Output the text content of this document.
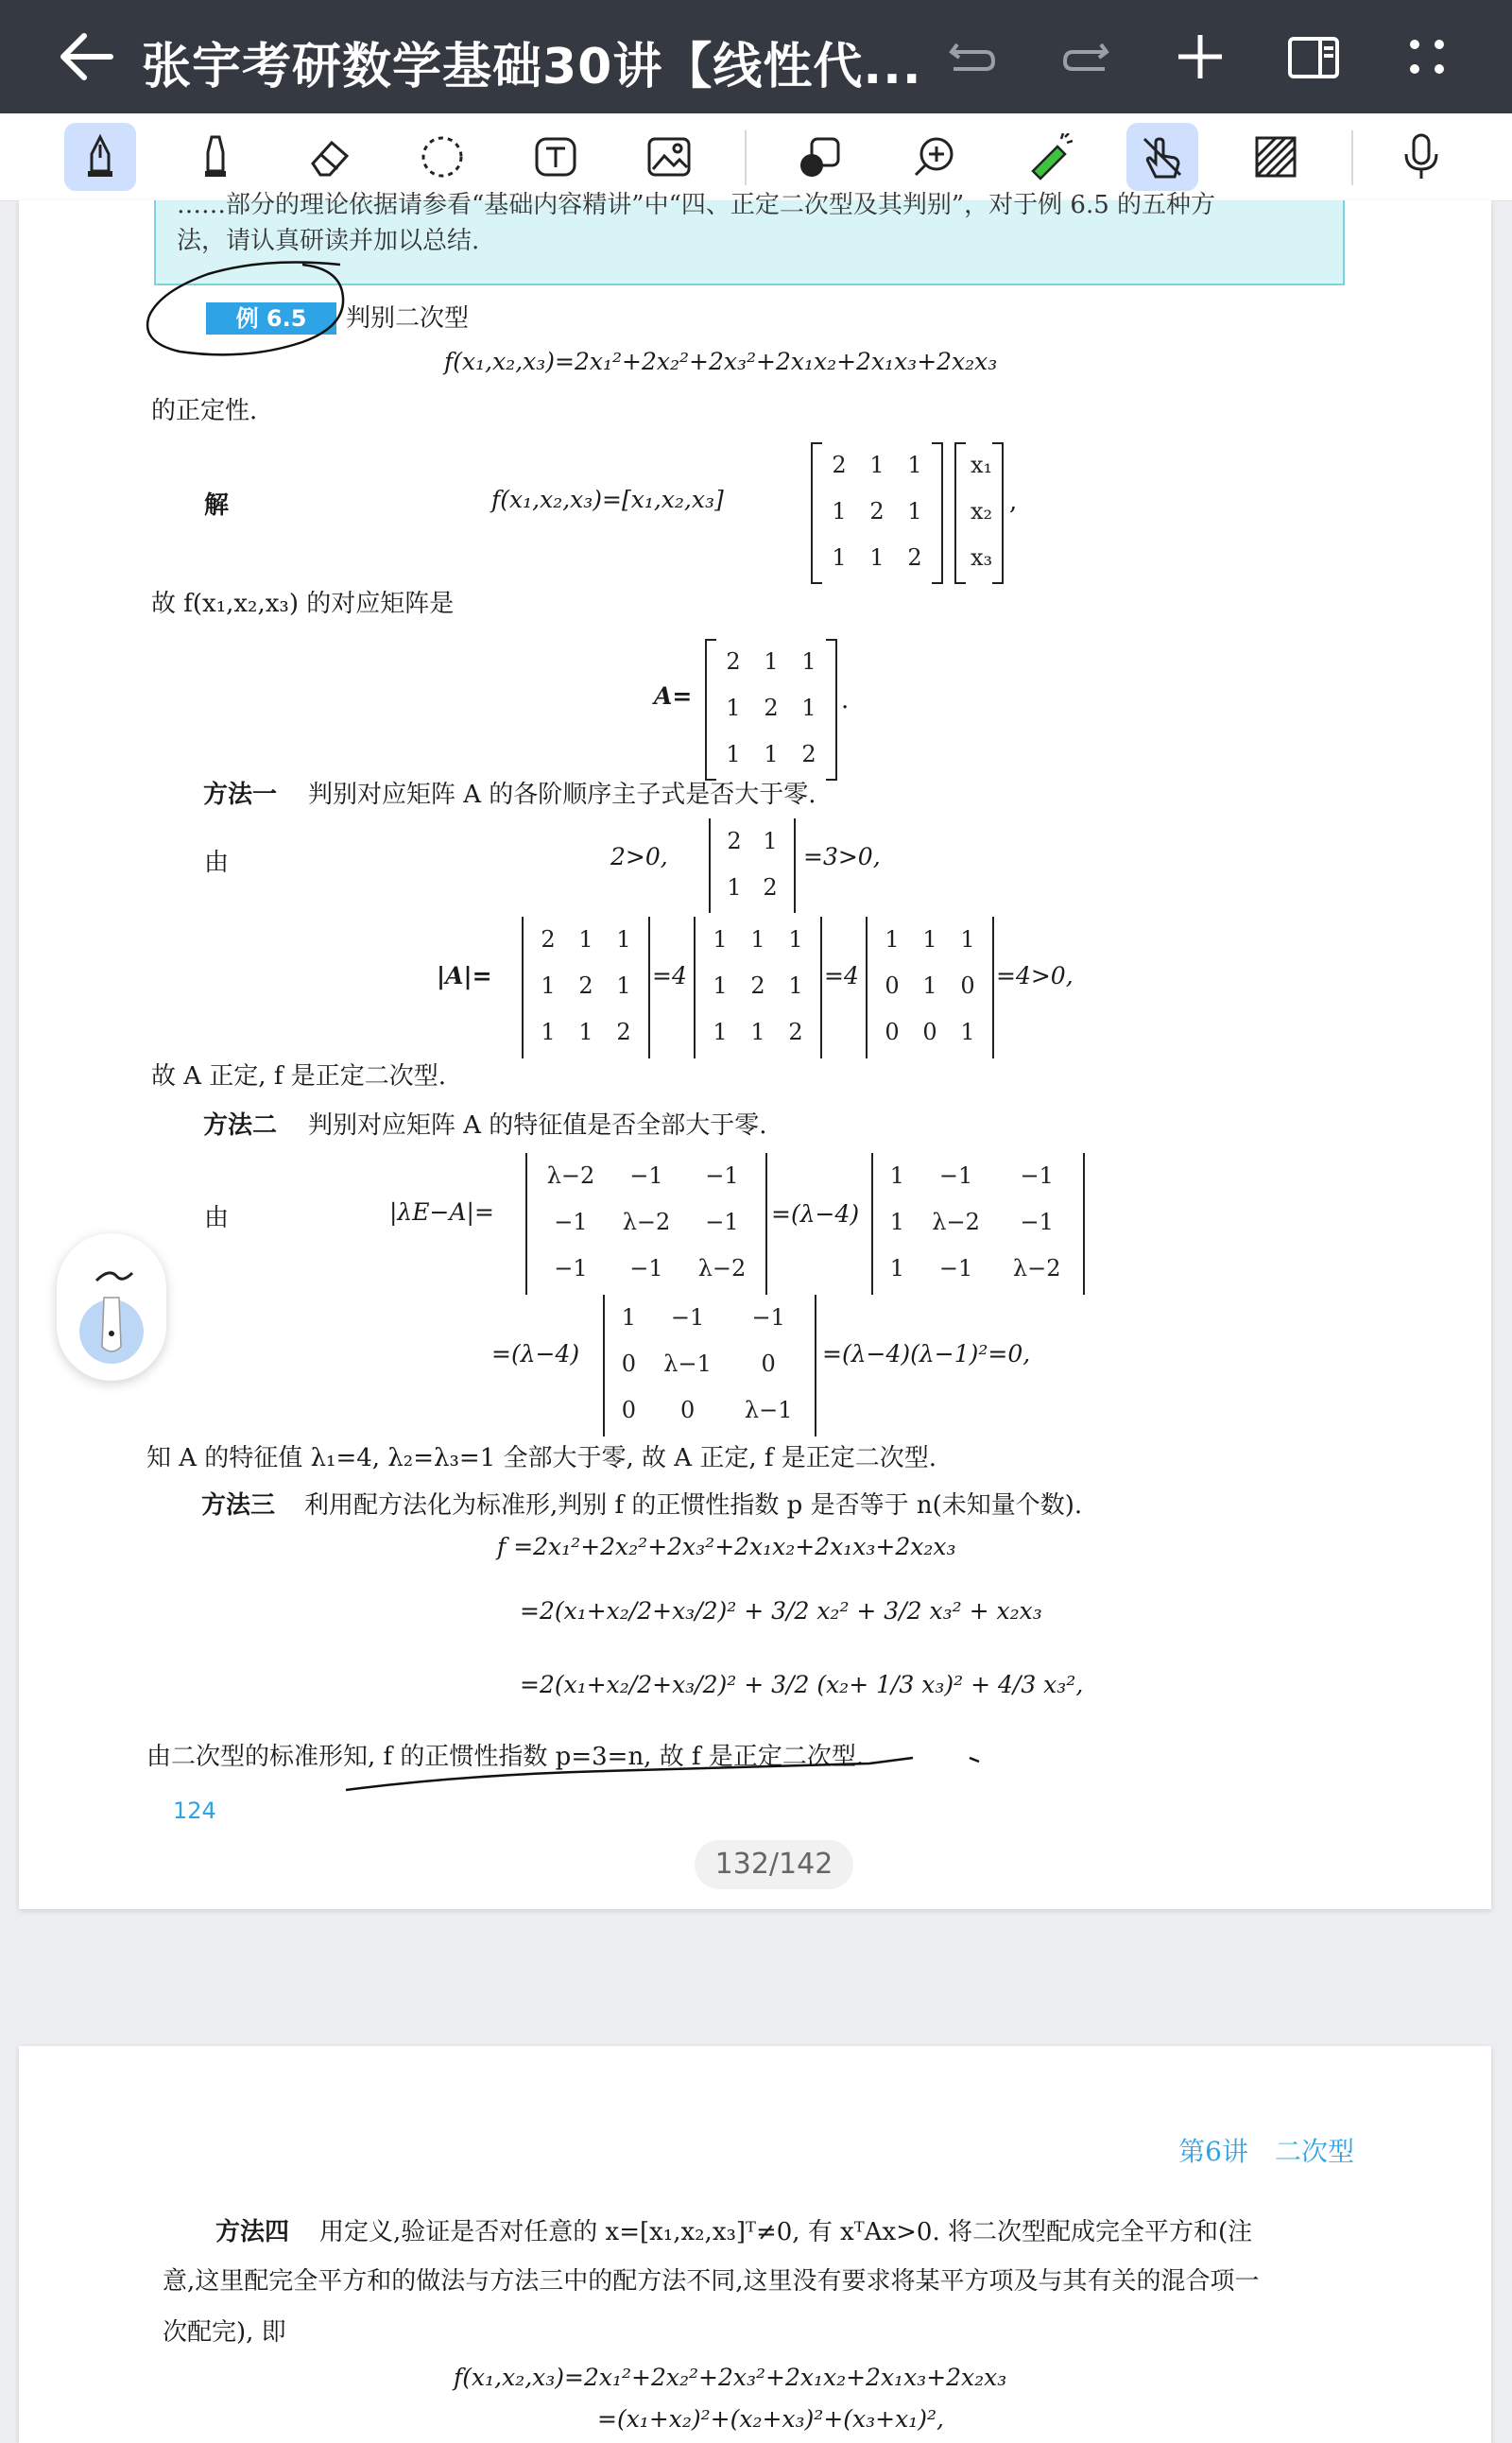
张宇考研数学基础30讲【线性代...
……部分的理论依据请参看“基础内容精讲”中“四、正定二次型及其判别”，对于例 6.5 的五种方
法，请认真研读并加以总结.
例 6.5	判别二次型
f(x₁,x₂,x₃)=2x₁²+2x₂²+2x₃²+2x₁x₂+2x₁x₃+2x₂x₃
的正定性.
解	f(x₁,x₂,x₃)=[x₁,x₂,x₃]
2	1	1
1	2	1
1	1	2
x₁
x₂
x₃
,
故 f(x₁,x₂,x₃) 的对应矩阵是
A=
2	1	1
1	2	1
1	1	2
.
方法一 判别对应矩阵 A 的各阶顺序主子式是否大于零.
由	2>0,
2	1
1	2
=3>0,
|A|=
2	1	1
1	2	1
1	1	2
=4
1	1	1
1	2	1
1	1	2
=4
1	1	1
0	1	0
0	0	1
=4>0,
故 A 正定, f 是正定二次型.
方法二 判别对应矩阵 A 的特征值是否全部大于零.
由	|λE−A|=
λ−2	−1	−1
−1	λ−2	−1
−1	−1	λ−2
=(λ−4)
1	−1	−1
1	λ−2	−1
1	−1	λ−2
=(λ−4)
1	−1	−1
0	λ−1	0
0	0	λ−1
=(λ−4)(λ−1)²=0,
知 A 的特征值 λ₁=4, λ₂=λ₃=1 全部大于零, 故 A 正定, f 是正定二次型.
方法三 利用配方法化为标准形,判别 f 的正惯性指数 p 是否等于 n(未知量个数).
f =2x₁²+2x₂²+2x₃²+2x₁x₂+2x₁x₃+2x₂x₃
=2(x₁+x₂/2+x₃/2)² + 3/2 x₂² + 3/2 x₃² + x₂x₃
=2(x₁+x₂/2+x₃/2)² + 3/2 (x₂+ 1/3 x₃)² + 4/3 x₃²,
由二次型的标准形知, f 的正惯性指数 p=3=n, 故 f 是正定二次型.
124
132/142
第6讲　二次型
方法四 用定义,验证是否对任意的 x=[x₁,x₂,x₃]ᵀ≠0, 有 xᵀAx>0. 将二次型配成完全平方和(注
意,这里配完全平方和的做法与方法三中的配方法不同,这里没有要求将某平方项及与其有关的混合项一
次配完), 即
f(x₁,x₂,x₃)=2x₁²+2x₂²+2x₃²+2x₁x₂+2x₁x₃+2x₂x₃
=(x₁+x₂)²+(x₂+x₃)²+(x₃+x₁)²,
